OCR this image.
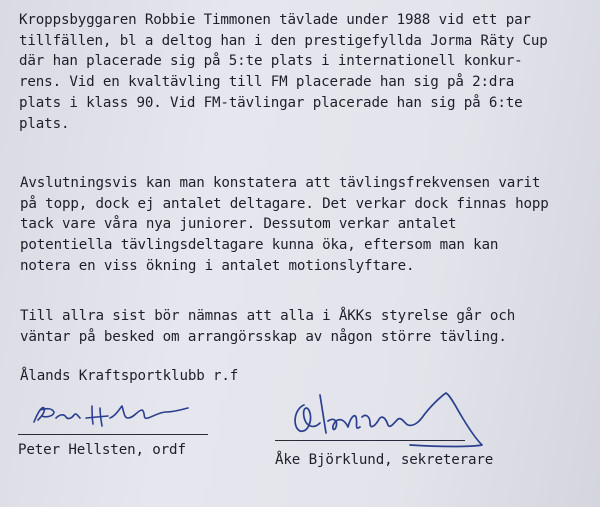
Kroppsbyggaren Robbie Timmonen tävlade under 1988 vid ett par
tillfällen, bl a deltog han i den prestigefyllda Jorma Räty Cup
där han placerade sig på 5:te plats i internationell konkur-
rens. Vid en kvaltävling till FM placerade han sig på 2:dra
plats i klass 90. Vid FM-tävlingar placerade han sig på 6:te
plats.
Avslutningsvis kan man konstatera att tävlingsfrekvensen varit
på topp, dock ej antalet deltagare. Det verkar dock finnas hopp
tack vare våra nya juniorer. Dessutom verkar antalet
potentiella tävlingsdeltagare kunna öka, eftersom man kan
notera en viss ökning i antalet motionslyftare.
Till allra sist bör nämnas att alla i ÅKKs styrelse går och
väntar på besked om arrangörsskap av någon större tävling.
Ålands Kraftsportklubb r.f
Peter Hellsten, ordf
Åke Björklund, sekreterare
